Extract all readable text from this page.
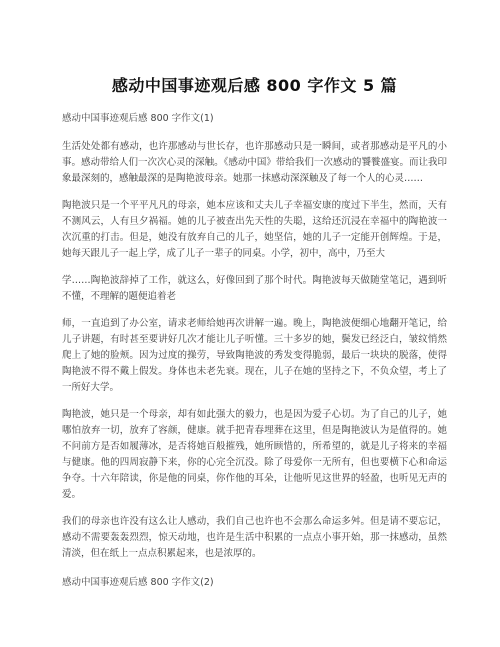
感动中国事迹观后感 800 字作文 5 篇
感动中国事迹观后感 800 字作文(1)

生活处处都有感动，也许那感动与世长存，也许那感动只是一瞬间，或者那感动是平凡的小事。感动带给人们一次次心灵的深触。《感动中国》带给我们一次感动的饕餮盛宴。而让我印象最深刻的，感触最深的是陶艳波母亲。她那一抹感动深深触及了每一个人的心灵……

陶艳波只是一个平平凡凡的母亲，她本应该和丈夫儿子幸福安康的度过下半生，然而，天有不测风云，人有旦夕祸福。她的儿子被查出先天性的失聪，这给还沉浸在幸福中的陶艳波一次沉重的打击。但是，她没有放弃自己的儿子，她坚信，她的儿子一定能开创辉煌。于是，她每天跟儿子一起上学，成了儿子一辈子的同桌。小学，初中，高中，乃至大

学……陶艳波辞掉了工作，就这么，好像回到了那个时代。陶艳波每天做随堂笔记，遇到听不懂，不理解的题便追着老

师，一直追到了办公室，请求老师给她再次讲解一遍。晚上，陶艳波便细心地翻开笔记，给儿子讲题，有时甚至要讲好几次才能让儿子听懂。三十多岁的她，鬓发已经泛白，皱纹悄然爬上了她的脸颊。因为过度的操劳，导致陶艳波的秀发变得脆弱，最后一块块的脱落，使得陶艳波不得不戴上假发。身体也未老先衰。现在，儿子在她的坚持之下，不负众望，考上了一所好大学。

陶艳波，她只是一个母亲，却有如此强大的毅力，也是因为爱子心切。为了自己的儿子，她哪怕放弃一切，放弃了容颜，健康。就手把青春埋葬在这里，但是陶艳波认为是值得的。她不问前方是否如履薄冰，是否将她百般摧残，她所顾惜的，所希望的，就是儿子将来的幸福与健康。他的四周寂静下来，你的心完全沉没。除了母爱你一无所有，但也要横下心和命运争夺。十六年陪读，你是他的同桌，你作他的耳朵，让他听见这世界的轻盈，也听见无声的爱。

我们的母亲也许没有这么让人感动，我们自己也许也不会那么命运多舛。但是请不要忘记，感动不需要轰轰烈烈，惊天动地，也许是生活中积累的一点点小事开始，那一抹感动，虽然清淡，但在纸上一点点积累起来，也是浓厚的。

感动中国事迹观后感 800 字作文(2)
